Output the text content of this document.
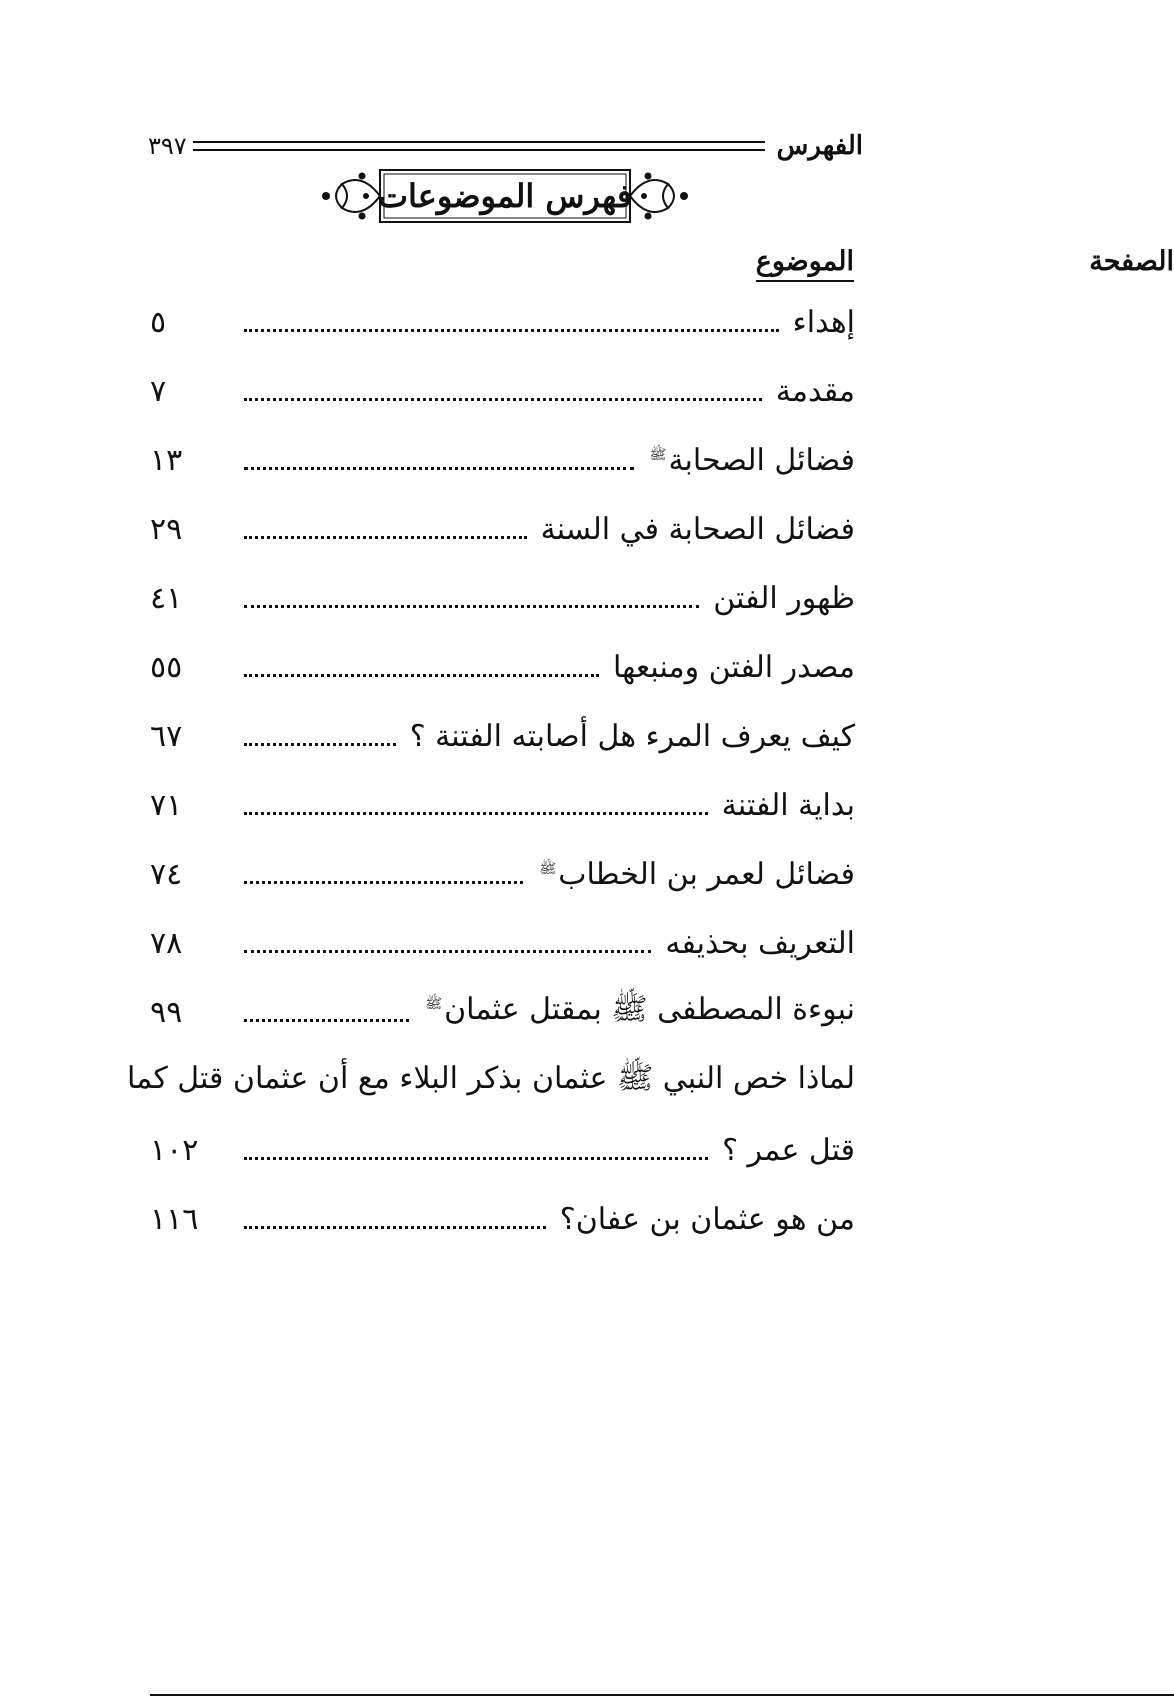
الفهرس
٣٩٧
فهرس الموضوعات
الموضوع	الصفحة
إهداء
٥
مقدمة
٧
فضائل الصحابة$^ﷺ$
١٣
فضائل الصحابة في السنة
٢٩
ظهور الفتن
٤١
مصدر الفتن ومنبعها
٥٥
كيف يعرف المرء هل أصابته الفتنة ؟
٦٧
بداية الفتنة
٧١
فضائل لعمر بن الخطاب$^ﷺ$
٧٤
التعريف بحذيفه
٧٨
نبوءة المصطفى ﷺ بمقتل عثمان$^ﷺ$
٩٩
لماذا خص النبي ﷺ عثمان بذكر البلاء مع أن عثمان قتل كما
قتل عمر ؟
١٠٢
من هو عثمان بن عفان؟
١١٦
